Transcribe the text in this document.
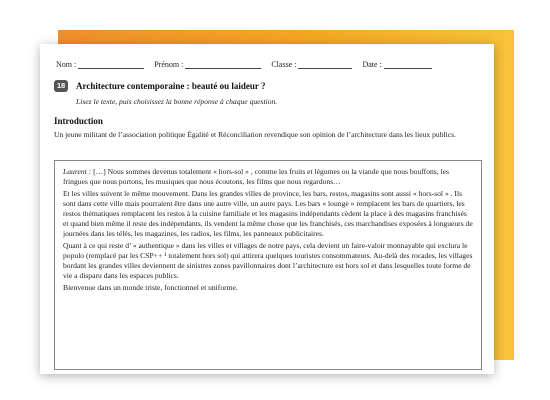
Nom :	Prénom :	Classe :	Date :
18	Architecture contemporaine : beauté ou laideur ?
Lisez le texte, puis choisissez la bonne réponse à chaque question.
Introduction
Un jeune militant de l’association politique Égalité et Réconciliation revendique son opinion de l’architecture dans les lieux publics.

Laurent : […] Nous sommes devenus totalement « hors-sol » , comme les fruits et légumes ou la viande que nous bouffons, les fringues que nous portons, les musiques que nous écoutons, les films que nous regardons…

Et les villes suivent le même mouvement. Dans les grandes villes de province, les bars, restos, magasins sont aussi « hors-sol » . Ils sont dans cette ville mais pourraient être dans une autre ville, un autre pays. Les bars « lounge » remplacent les bars de quartiers, les restos thématiques remplacent les restos à la cuisine familiale et les magasins indépendants cèdent la place à des magasins franchisés et quand bien même il reste des indépendants, ils vendent la même chose que les franchisés, ces marchandises exposées à longueurs de journées dans les télés, les magazines, les radios, les films, les panneaux publicitaires.

Quant à ce qui reste d’ « authentique » dans les villes et villages de notre pays, cela devient un faire-valoir monnayable qui exclura le populo (remplacé par les CSP++ ¹ totalement hors sol) qui attirera quelques touristes consommateurs. Au-delà des rocades, les villages bordant les grandes villes deviennent de sinistres zones pavillonnaires dont l’architecture est hors sol et dans lesquelles toute forme de vie a disparu dans les espaces publics.

Bienvenue dans un monde triste, fonctionnel et uniforme.
